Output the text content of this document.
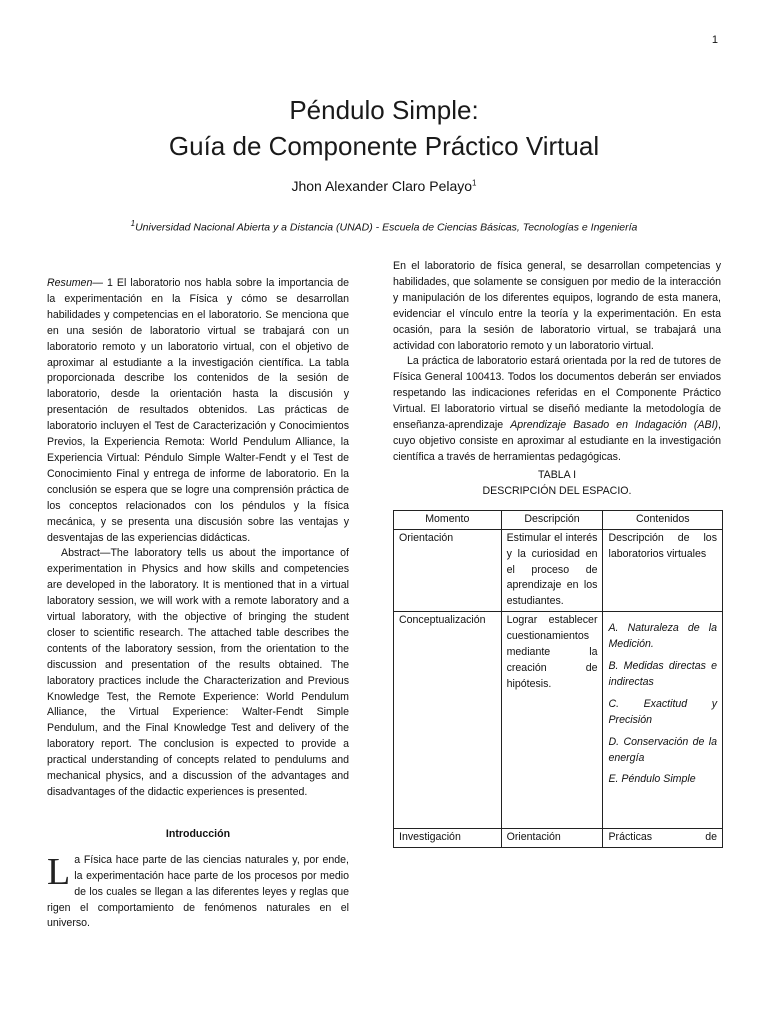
1
Péndulo Simple:
Guía de Componente Práctico Virtual
Jhon Alexander Claro Pelayo$^1$
$^1$Universidad Nacional Abierta y a Distancia (UNAD) - Escuela de Ciencias Básicas, Tecnologías e Ingeniería

Resumen— 1 El laboratorio nos habla sobre la importancia de la experimentación en la Física y cómo se desarrollan habilidades y competencias en el laboratorio. Se menciona que en una sesión de laboratorio virtual se trabajará con un laboratorio remoto y un laboratorio virtual, con el objetivo de aproximar al estudiante a la investigación científica. La tabla proporcionada describe los contenidos de la sesión de laboratorio, desde la orientación hasta la discusión y presentación de resultados obtenidos. Las prácticas de laboratorio incluyen el Test de Caracterización y Conocimientos Previos, la Experiencia Remota: World Pendulum Alliance, la Experiencia Virtual: Péndulo Simple Walter-Fendt y el Test de Conocimiento Final y entrega de informe de laboratorio. En la conclusión se espera que se logre una comprensión práctica de los conceptos relacionados con los péndulos y la física mecánica, y se presenta una discusión sobre las ventajas y desventajas de las experiencias didácticas.

Abstract—The laboratory tells us about the importance of experimentation in Physics and how skills and competencies are developed in the laboratory. It is mentioned that in a virtual laboratory session, we will work with a remote laboratory and a virtual laboratory, with the objective of bringing the student closer to scientific research. The attached table describes the contents of the laboratory session, from the orientation to the discussion and presentation of the results obtained. The laboratory practices include the Characterization and Previous Knowledge Test, the Remote Experience: World Pendulum Alliance, the Virtual Experience: Walter-Fendt Simple Pendulum, and the Final Knowledge Test and delivery of the laboratory report. The conclusion is expected to provide a practical understanding of concepts related to pendulums and mechanical physics, and a discussion of the advantages and disadvantages of the didactic experiences is presented.

Introducción
La Física hace parte de las ciencias naturales y, por ende, la experimentación hace parte de los procesos por medio de los cuales se llegan a las diferentes leyes y reglas que rigen el comportamiento de fenómenos naturales en el universo.

En el laboratorio de física general, se desarrollan competencias y habilidades, que solamente se consiguen por medio de la interacción y manipulación de los diferentes equipos, logrando de esta manera, evidenciar el vínculo entre la teoría y la experimentación. En esta ocasión, para la sesión de laboratorio virtual, se trabajará una actividad con laboratorio remoto y un laboratorio virtual.

La práctica de laboratorio estará orientada por la red de tutores de Física General 100413. Todos los documentos deberán ser enviados respetando las indicaciones referidas en el Componente Práctico Virtual. El laboratorio virtual se diseñó mediante la metodología de enseñanza-aprendizaje Aprendizaje Basado en Indagación (ABI), cuyo objetivo consiste en aproximar al estudiante en la investigación científica a través de herramientas pedagógicas.

TABLA I
DESCRIPCIÓN DEL ESPACIO.
Momento	Descripción	Contenidos
Orientación	Estimular el interés y la curiosidad en el proceso de aprendizaje en los estudiantes.	Descripción de los laboratorios virtuales
Conceptualización	Lograr establecer cuestionamientos mediante la creación de hipótesis.	A. Naturaleza de la Medición.
B. Medidas directas e indirectas
C. Exactitud y Precisión
D. Conservación de la energía
E. Péndulo Simple

Investigación	Orientación	Prácticas de
